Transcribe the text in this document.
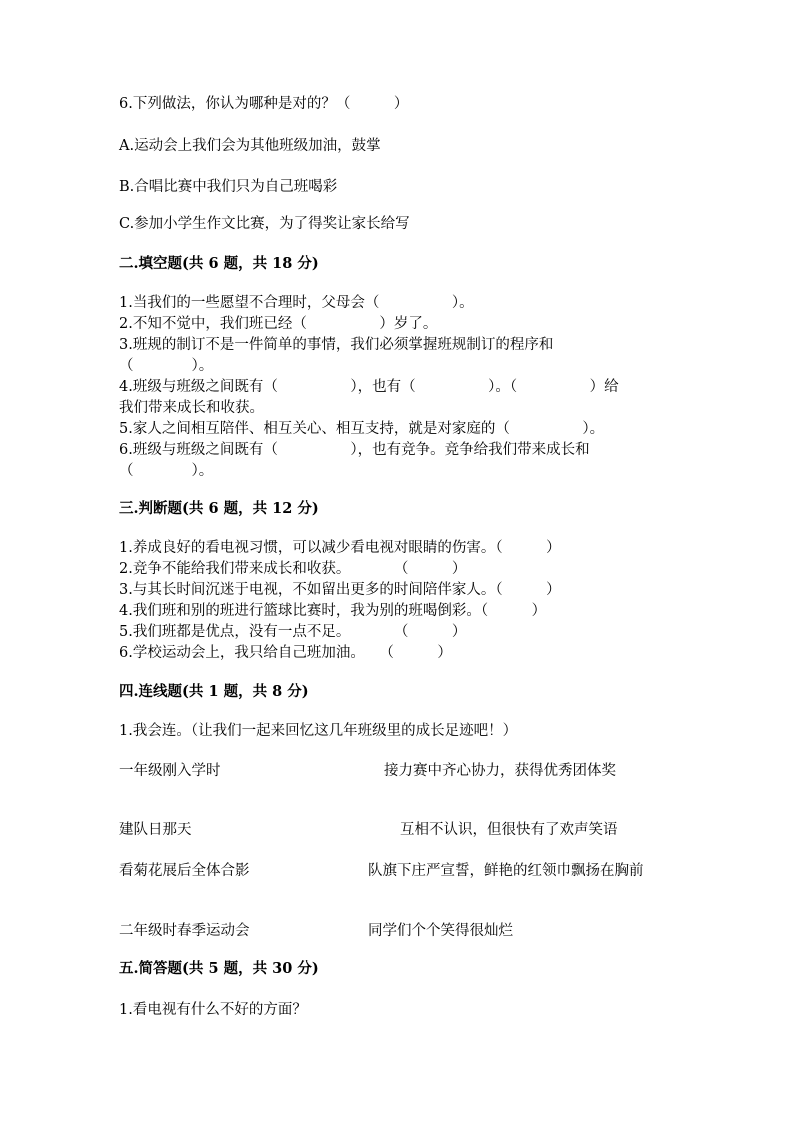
6.下列做法，你认为哪种是对的？（　　　）
A.运动会上我们会为其他班级加油，鼓掌
B.合唱比赛中我们只为自己班喝彩
C.参加小学生作文比赛，为了得奖让家长给写
二.填空题(共 6 题，共 18 分)
1.当我们的一些愿望不合理时，父母会（　　　　　）。
2.不知不觉中，我们班已经（　　　　　）岁了。
3.班规的制订不是一件简单的事情，我们必须掌握班规制订的程序和
（　　　　）。
4.班级与班级之间既有（　　　　　），也有（　　　　　）。（　　　　　）给
我们带来成长和收获。
5.家人之间相互陪伴、相互关心、相互支持，就是对家庭的（　　　　　）。
6.班级与班级之间既有（　　　　　），也有竞争。竞争给我们带来成长和
（　　　　）。
三.判断题(共 6 题，共 12 分)
1.养成良好的看电视习惯，可以减少看电视对眼睛的伤害。（　　　）
2.竞争不能给我们带来成长和收获。　　　　（　　　）
3.与其长时间沉迷于电视，不如留出更多的时间陪伴家人。（　　　）
4.我们班和别的班进行篮球比赛时，我为别的班喝倒彩。（　　　）
5.我们班都是优点，没有一点不足。　　　　（　　　）
6.学校运动会上，我只给自己班加油。　　（　　　）
四.连线题(共 1 题，共 8 分)
1.我会连。（让我们一起来回忆这几年班级里的成长足迹吧！）
一年级刚入学时	接力赛中齐心协力，获得优秀团体奖
建队日那天	互相不认识，但很快有了欢声笑语
看菊花展后全体合影	队旗下庄严宣誓，鲜艳的红领巾飘扬在胸前
二年级时春季运动会	同学们个个笑得很灿烂
五.简答题(共 5 题，共 30 分)
1.看电视有什么不好的方面？
